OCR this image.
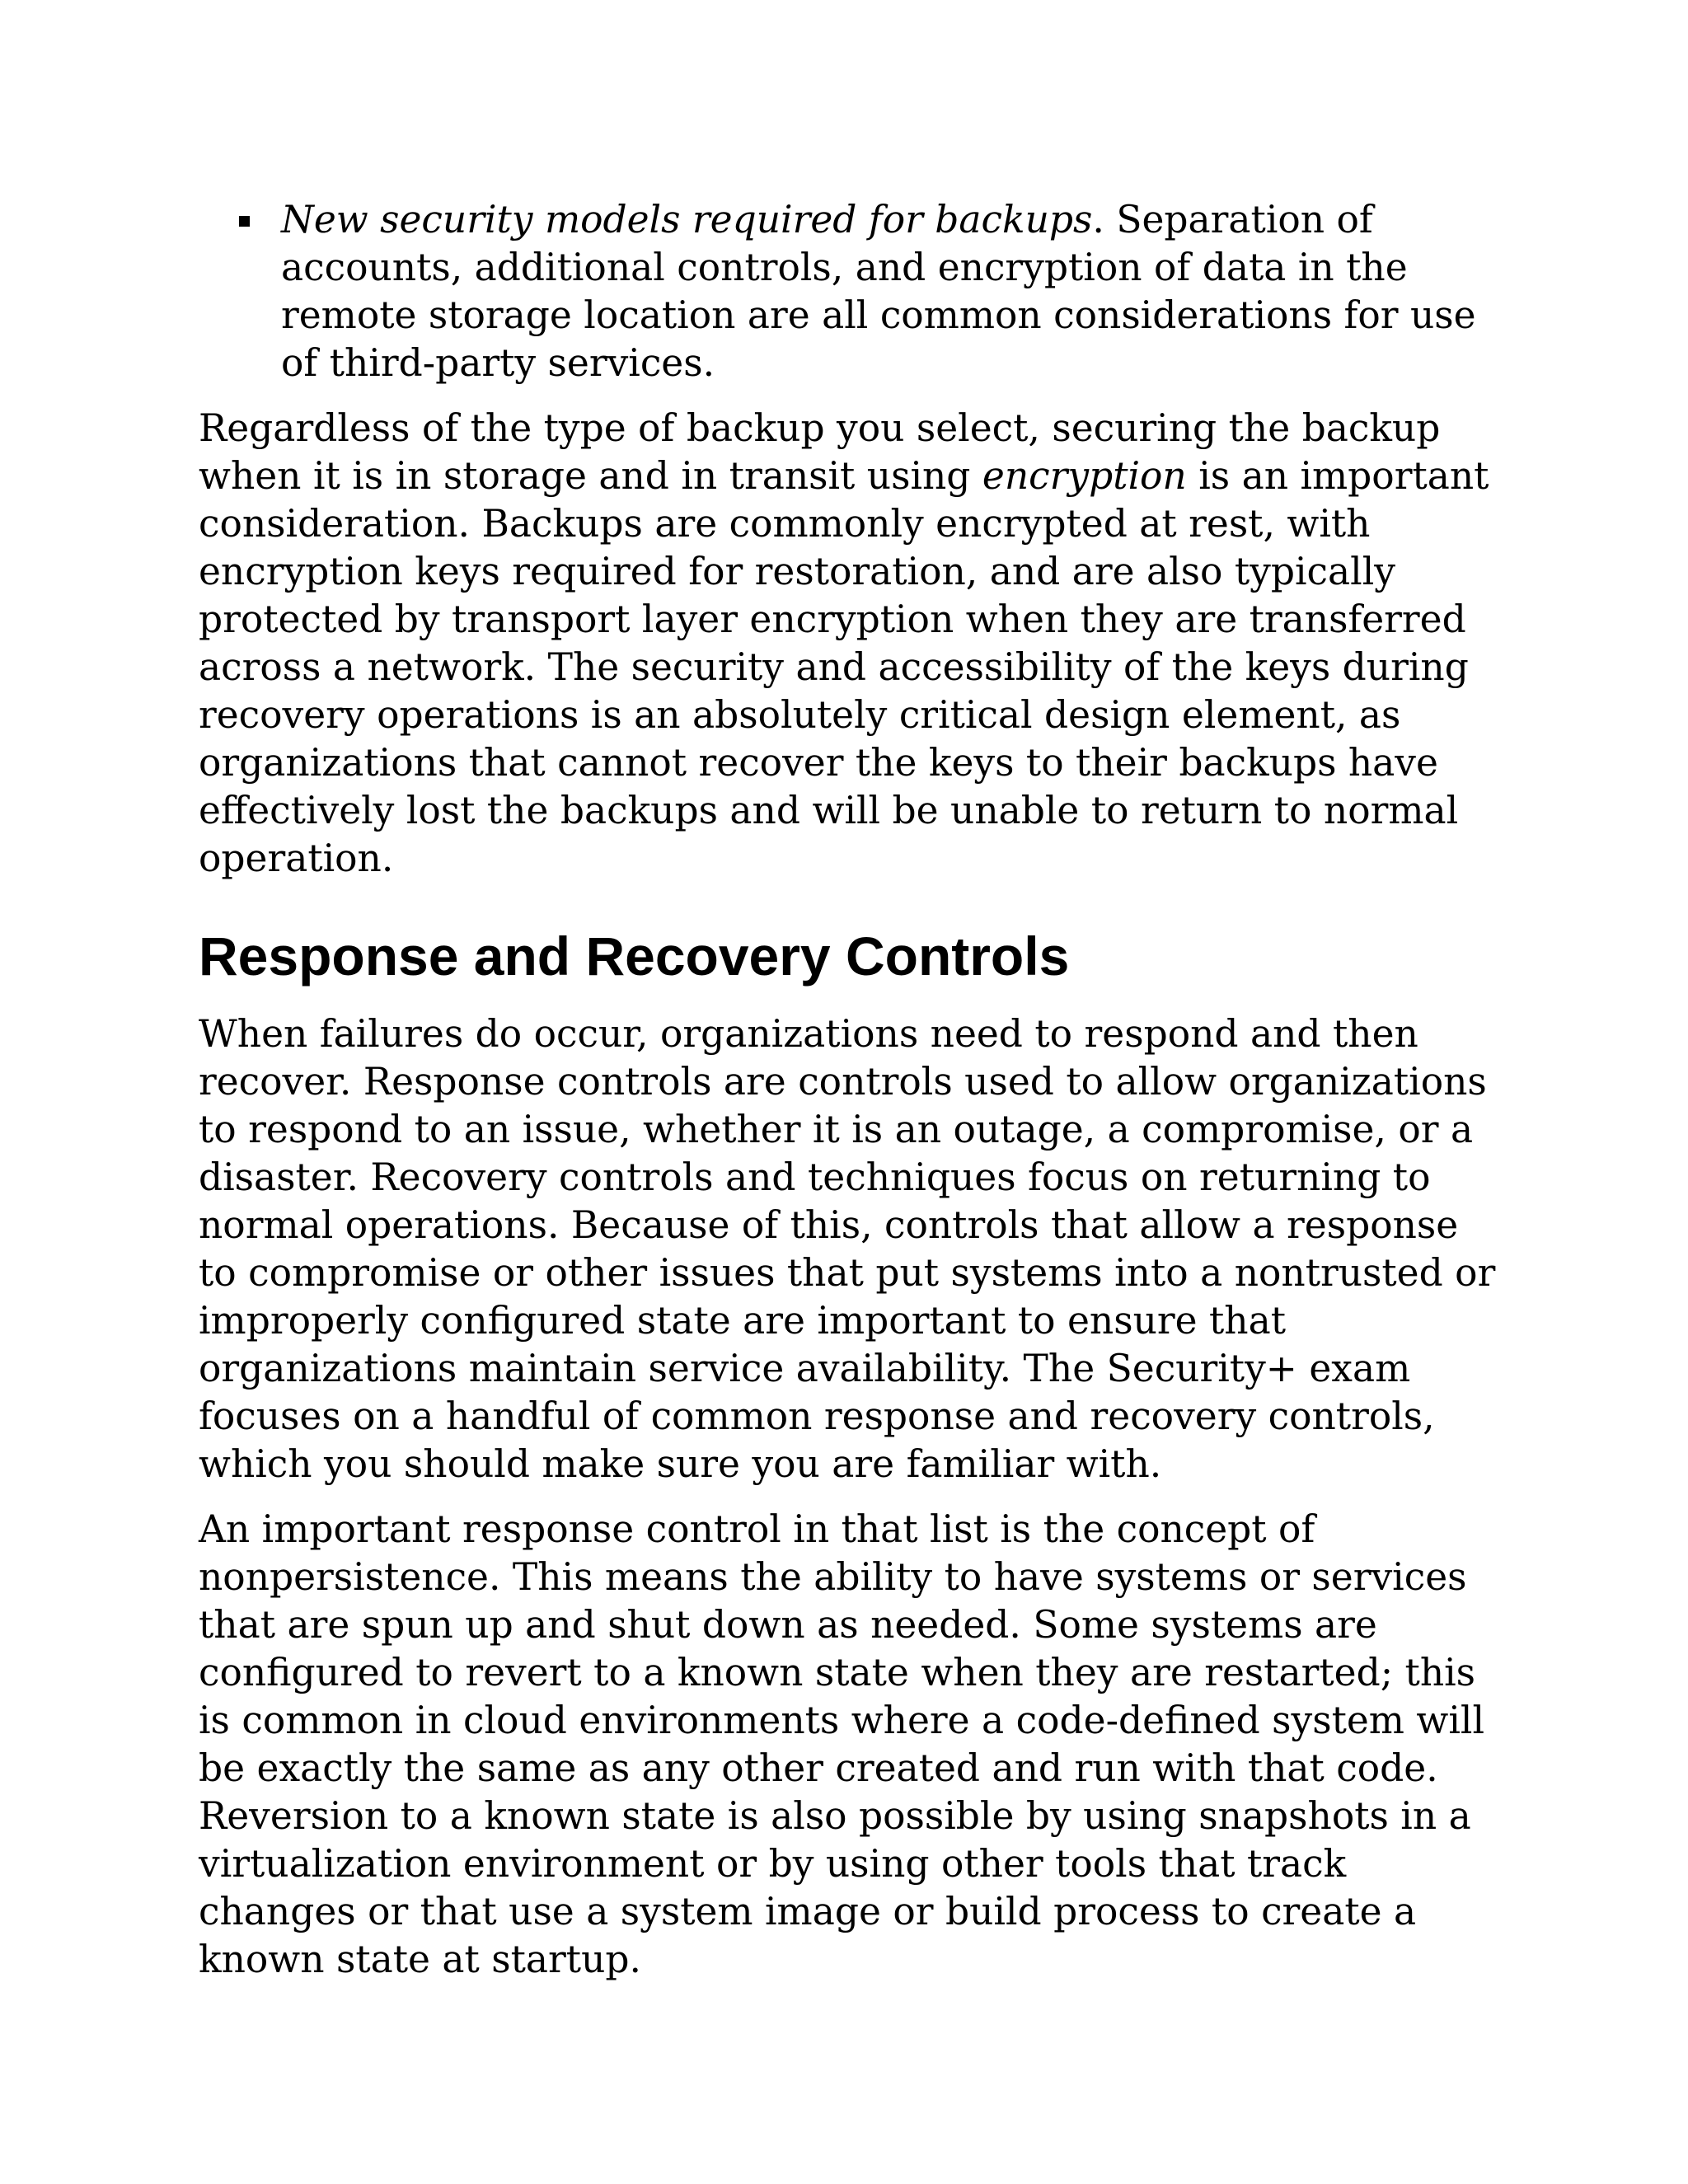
New security models required for backups. Separation of accounts, additional controls, and encryption of data in the remote storage location are all common considerations for use of third-party services.

Regardless of the type of backup you select, securing the backup when it is in storage and in transit using encryption is an important consideration. Backups are commonly encrypted at rest, with encryption keys required for restoration, and are also typically protected by transport layer encryption when they are transferred across a network. The security and accessibility of the keys during recovery operations is an absolutely critical design element, as organizations that cannot recover the keys to their backups have effectively lost the backups and will be unable to return to normal operation.

Response and Recovery Controls

When failures do occur, organizations need to respond and then recover. Response controls are controls used to allow organizations to respond to an issue, whether it is an outage, a compromise, or a disaster. Recovery controls and techniques focus on returning to normal operations. Because of this, controls that allow a response to compromise or other issues that put systems into a nontrusted or improperly configured state are important to ensure that organizations maintain service availability. The Security+ exam focuses on a handful of common response and recovery controls, which you should make sure you are familiar with.

An important response control in that list is the concept of nonpersistence. This means the ability to have systems or services that are spun up and shut down as needed. Some systems are configured to revert to a known state when they are restarted; this is common in cloud environments where a code-defined system will be exactly the same as any other created and run with that code. Reversion to a known state is also possible by using snapshots in a virtualization environment or by using other tools that track changes or that use a system image or build process to create a known state at startup.
